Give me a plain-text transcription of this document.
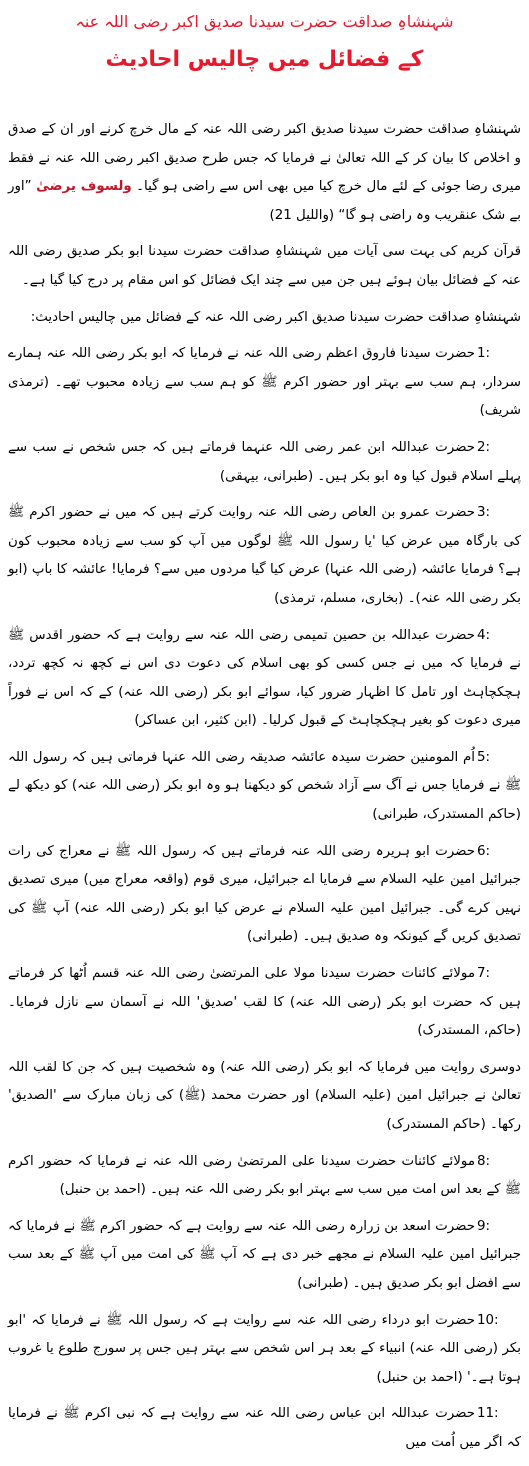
شہنشاہِ صداقت حضرت سیدنا صدیق اکبر رضی اللہ عنہ
کے فضائل میں چالیس احادیث

شہنشاہِ صداقت حضرت سیدنا صدیق اکبر رضی اللہ عنہ کے مال خرچ کرنے اور ان کے صدق و اخلاص کا بیان کر کے اللہ تعالیٰ نے فرمایا کہ جس طرح صدیق اکبر رضی اللہ عنہ نے فقط میری رضا جوئی کے لئے مال خرچ کیا میں بھی اس سے راضی ہو گیا۔ ولسوف یرضیٰ ”اور بے شک عنقریب وہ راضی ہو گا“ (واللیل 21)

قرآن کریم کی بہت سی آیات میں شہنشاہِ صداقت حضرت سیدنا ابو بکر صدیق رضی اللہ عنہ کے فضائل بیان ہوئے ہیں جن میں سے چند ایک فضائل کو اس مقام پر درج کیا گیا ہے۔

شہنشاہِ صداقت حضرت سیدنا صدیق اکبر رضی اللہ عنہ کے فضائل میں چالیس احادیث:

1:
حضرت سیدنا فاروق اعظم رضی اللہ عنہ نے فرمایا کہ ابو بکر رضی اللہ عنہ ہمارے سردار، ہم سب سے بہتر اور حضور اکرم ﷺ کو ہم سب سے زیادہ محبوب تھے۔ (ترمذی شریف)

2:
حضرت عبداللہ ابن عمر رضی اللہ عنہما فرماتے ہیں کہ جس شخص نے سب سے پہلے اسلام قبول کیا وہ ابو بکر ہیں۔ (طبرانی، بیہقی)

3:
حضرت عمرو بن العاص رضی اللہ عنہ روایت کرتے ہیں کہ میں نے حضور اکرم ﷺ کی بارگاہ میں عرض کیا 'یا رسول اللہ ﷺ لوگوں میں آپ کو سب سے زیادہ محبوب کون ہے؟ فرمایا عائشہ (رضی اللہ عنہا) عرض کیا گیا مردوں میں سے؟ فرمایا! عائشہ کا باپ (ابو بکر رضی اللہ عنہ)۔ (بخاری، مسلم، ترمذی)

4:
حضرت عبداللہ بن حصین تمیمی رضی اللہ عنہ سے روایت ہے کہ حضور اقدس ﷺ نے فرمایا کہ میں نے جس کسی کو بھی اسلام کی دعوت دی اس نے کچھ نہ کچھ تردد، ہچکچاہٹ اور تامل کا اظہار ضرور کیا، سوائے ابو بکر (رضی اللہ عنہ) کے کہ اس نے فوراً میری دعوت کو بغیر ہچکچاہٹ کے قبول کرلیا۔ (ابن کثیر، ابن عساکر)

5:
اُم المومنین حضرت سیدہ عائشہ صدیقہ رضی اللہ عنہا فرماتی ہیں کہ رسول اللہ ﷺ نے فرمایا جس نے آگ سے آزاد شخص کو دیکھنا ہو وہ ابو بکر (رضی اللہ عنہ) کو دیکھ لے (حاکم المستدرک، طبرانی)

6:
حضرت ابو ہریرہ رضی اللہ عنہ فرماتے ہیں کہ رسول اللہ ﷺ نے معراج کی رات جبرائیل امین علیہ السلام سے فرمایا اے جبرائیل، میری قوم (واقعہ معراج میں) میری تصدیق نہیں کرے گی۔ جبرائیل امین علیہ السلام نے عرض کیا ابو بکر (رضی اللہ عنہ) آپ ﷺ کی تصدیق کریں گے کیونکہ وہ صدیق ہیں۔ (طبرانی)

7:
مولائے کائنات حضرت سیدنا مولا علی المرتضیٰ رضی اللہ عنہ قسم اُٹھا کر فرماتے ہیں کہ حضرت ابو بکر (رضی اللہ عنہ) کا لقب 'صدیق' اللہ نے آسمان سے نازل فرمایا۔ (حاکم، المستدرک)

دوسری روایت میں فرمایا کہ ابو بکر (رضی اللہ عنہ) وہ شخصیت ہیں کہ جن کا لقب اللہ تعالیٰ نے جبرائیل امین (علیہ السلام) اور حضرت محمد (ﷺ) کی زبان مبارک سے 'الصدیق' رکھا۔ (حاکم المستدرک)

8:
مولائے کائنات حضرت سیدنا علی المرتضیٰ رضی اللہ عنہ نے فرمایا کہ حضور اکرم ﷺ کے بعد اس امت میں سب سے بہتر ابو بکر رضی اللہ عنہ ہیں۔ (احمد بن حنبل)

9:
حضرت اسعد بن زرارہ رضی اللہ عنہ سے روایت ہے کہ حضور اکرم ﷺ نے فرمایا کہ جبرائیل امین علیہ السلام نے مجھے خبر دی ہے کہ آپ ﷺ کی امت میں آپ ﷺ کے بعد سب سے افضل ابو بکر صدیق ہیں۔ (طبرانی)

10:
حضرت ابو درداء رضی اللہ عنہ سے روایت ہے کہ رسول اللہ ﷺ نے فرمایا کہ 'ابو بکر (رضی اللہ عنہ) انبیاء کے بعد ہر اس شخص سے بہتر ہیں جس پر سورج طلوع یا غروب ہوتا ہے۔' (احمد بن حنبل)

11:
حضرت عبداللہ ابن عباس رضی اللہ عنہ سے روایت ہے کہ نبی اکرم ﷺ نے فرمایا کہ اگر میں اُمت میں
